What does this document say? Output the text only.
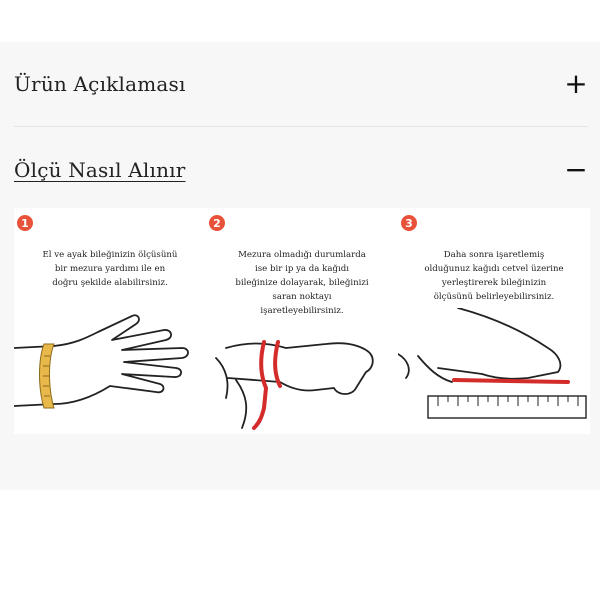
Ürün Açıklaması	+
Ölçü Nasıl Alınır	−
1
El ve ayak bileğinizin ölçüsünü
bir mezura yardımı ile en
doğru şekilde alabilirsiniz.
2
Mezura olmadığı durumlarda
ise bir ip ya da kağıdı
bileğinize dolayarak, bileğinizi
saran noktayı
işaretleyebilirsiniz.
3
Daha sonra işaretlemiş
olduğunuz kağıdı cetvel üzerine
yerleştirerek bileğinizin
ölçüsünü belirleyebilirsiniz.
